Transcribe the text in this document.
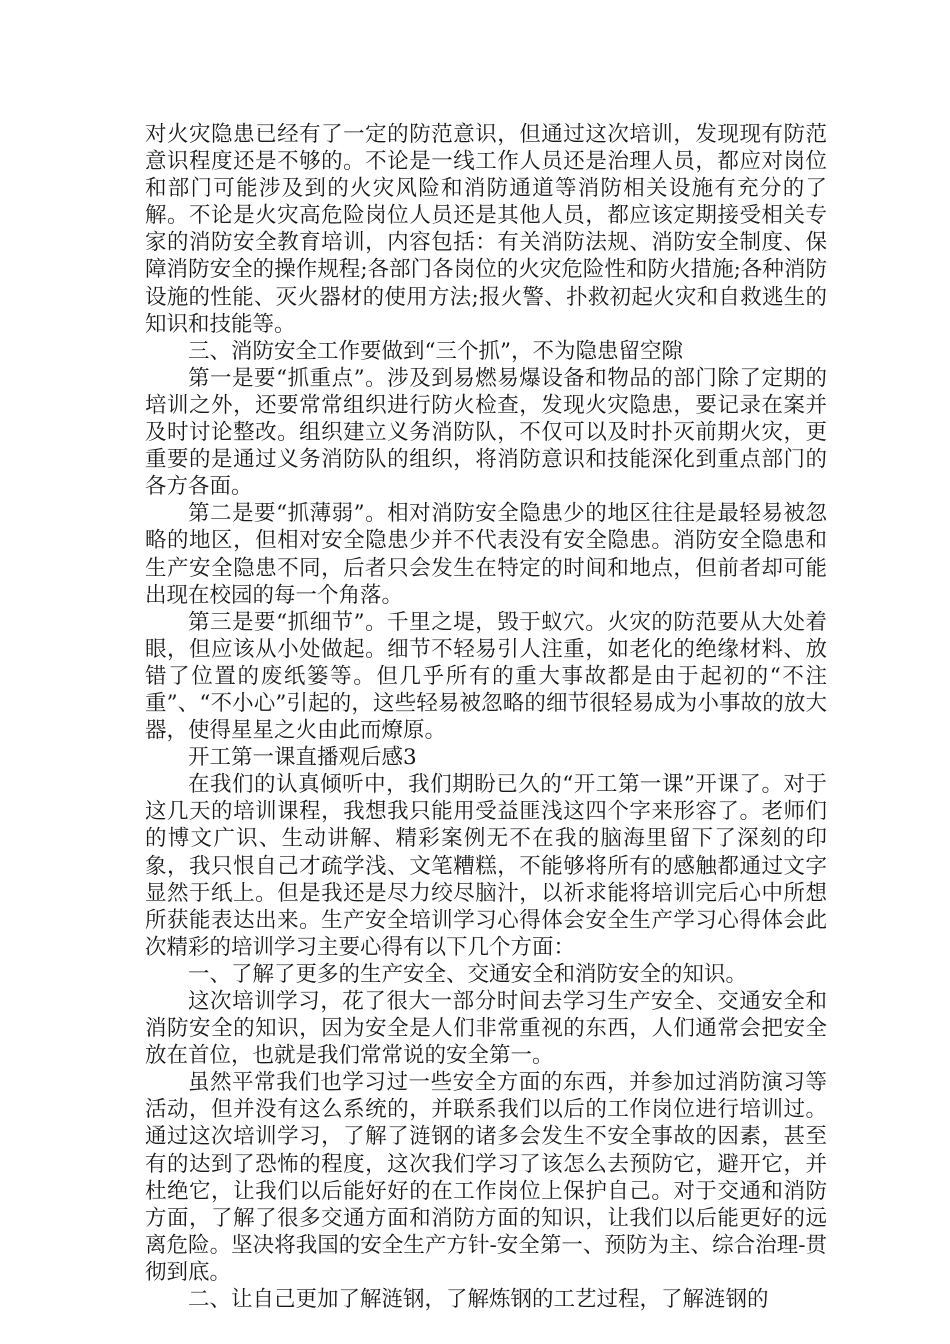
对火灾隐患已经有了一定的防范意识，但通过这次培训，发现现有防范意识程度还是不够的。不论是一线工作人员还是治理人员，都应对岗位和部门可能涉及到的火灾风险和消防通道等消防相关设施有充分的了解。不论是火灾高危险岗位人员还是其他人员，都应该定期接受相关专家的消防安全教育培训，内容包括：有关消防法规、消防安全制度、保障消防安全的操作规程;各部门各岗位的火灾危险性和防火措施;各种消防设施的性能、灭火器材的使用方法;报火警、扑救初起火灾和自救逃生的知识和技能等。

三、消防安全工作要做到“三个抓”，不为隐患留空隙

第一是要“抓重点”。涉及到易燃易爆设备和物品的部门除了定期的培训之外，还要常常组织进行防火检查，发现火灾隐患，要记录在案并及时讨论整改。组织建立义务消防队，不仅可以及时扑灭前期火灾，更重要的是通过义务消防队的组织，将消防意识和技能深化到重点部门的各方各面。

第二是要“抓薄弱”。相对消防安全隐患少的地区往往是最轻易被忽略的地区，但相对安全隐患少并不代表没有安全隐患。消防安全隐患和生产安全隐患不同，后者只会发生在特定的时间和地点，但前者却可能出现在校园的每一个角落。

第三是要“抓细节”。千里之堤，毁于蚁穴。火灾的防范要从大处着眼，但应该从小处做起。细节不轻易引人注重，如老化的绝缘材料、放错了位置的废纸篓等。但几乎所有的重大事故都是由于起初的“不注重”、“不小心”引起的，这些轻易被忽略的细节很轻易成为小事故的放大器，使得星星之火由此而燎原。

开工第一课直播观后感3

在我们的认真倾听中，我们期盼已久的“开工第一课”开课了。对于这几天的培训课程，我想我只能用受益匪浅这四个字来形容了。老师们的博文广识、生动讲解、精彩案例无不在我的脑海里留下了深刻的印象，我只恨自己才疏学浅、文笔糟糕，不能够将所有的感触都通过文字显然于纸上。但是我还是尽力绞尽脑汁，以祈求能将培训完后心中所想所获能表达出来。生产安全培训学习心得体会安全生产学习心得体会此次精彩的培训学习主要心得有以下几个方面：

一、了解了更多的生产安全、交通安全和消防安全的知识。

这次培训学习，花了很大一部分时间去学习生产安全、交通安全和消防安全的知识，因为安全是人们非常重视的东西，人们通常会把安全放在首位，也就是我们常常说的安全第一。

虽然平常我们也学习过一些安全方面的东西，并参加过消防演习等活动，但并没有这么系统的，并联系我们以后的工作岗位进行培训过。通过这次培训学习，了解了涟钢的诸多会发生不安全事故的因素，甚至有的达到了恐怖的程度，这次我们学习了该怎么去预防它，避开它，并杜绝它，让我们以后能好好的在工作岗位上保护自己。对于交通和消防方面，了解了很多交通方面和消防方面的知识，让我们以后能更好的远离危险。坚决将我国的安全生产方针-安全第一、预防为主、综合治理-贯彻到底。

二、让自己更加了解涟钢，了解炼钢的工艺过程，了解涟钢的
